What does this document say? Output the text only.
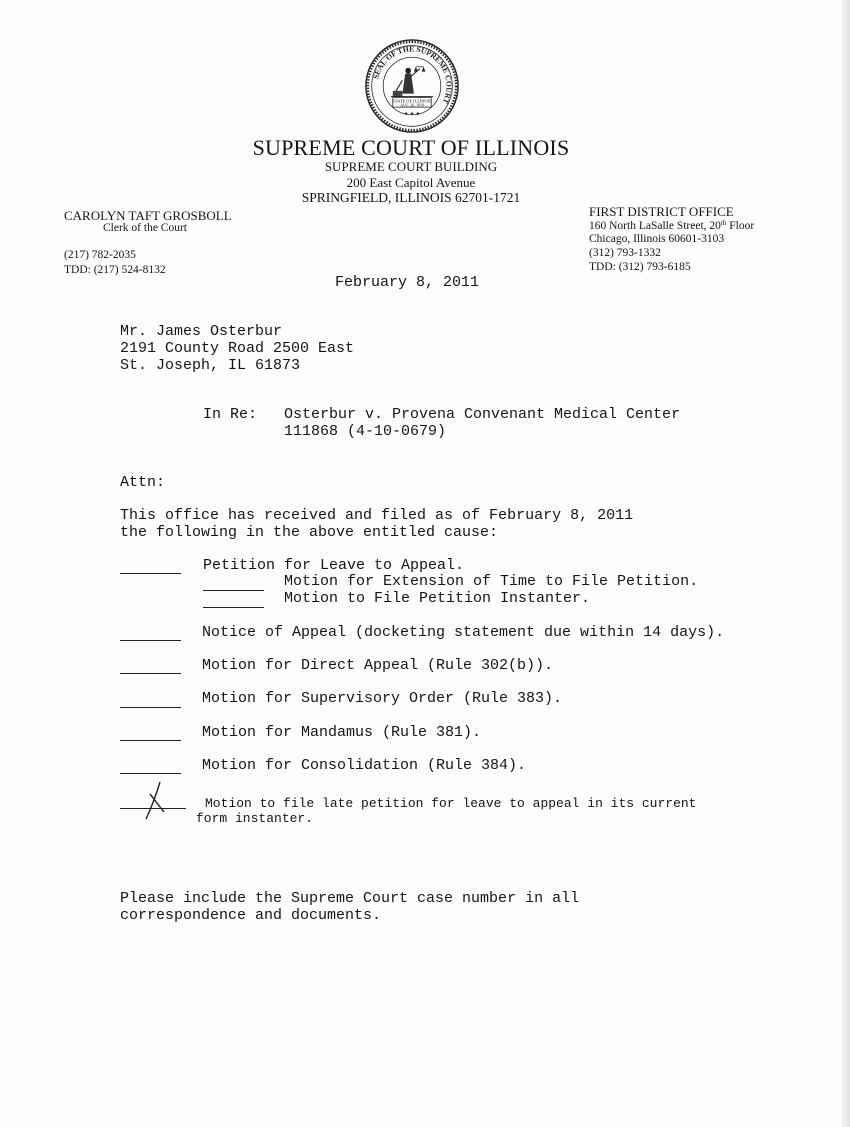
SEAL OF THE SUPREME COURT
STATE OF ILLINOIS
AUG. 26, 1818
★ ★ ★
SUPREME COURT OF ILLINOIS
SUPREME COURT BUILDING
200 East Capitol Avenue
SPRINGFIELD, ILLINOIS 62701-1721
CAROLYN TAFT GROSBOLL
Clerk of the Court
(217) 782-2035
TDD: (217) 524-8132
FIRST DISTRICT OFFICE
160 North LaSalle Street, 20th Floor
Chicago, Illinois 60601-3103
(312) 793-1332
TDD: (312) 793-6185
February 8, 2011
Mr. James Osterbur
2191 County Road 2500 East
St. Joseph, IL 61873
In Re: Osterbur v. Provena Convenant Medical Center
111868 (4-10-0679)
Attn:
This office has received and filed as of February 8, 2011
the following in the above entitled cause:
Petition for Leave to Appeal.
Motion for Extension of Time to File Petition.
Motion to File Petition Instanter.
Notice of Appeal (docketing statement due within 14 days).
Motion for Direct Appeal (Rule 302(b)).
Motion for Supervisory Order (Rule 383).
Motion for Mandamus (Rule 381).
Motion for Consolidation (Rule 384).
Motion to file late petition for leave to appeal in its current
form instanter.
Please include the Supreme Court case number in all
correspondence and documents.
